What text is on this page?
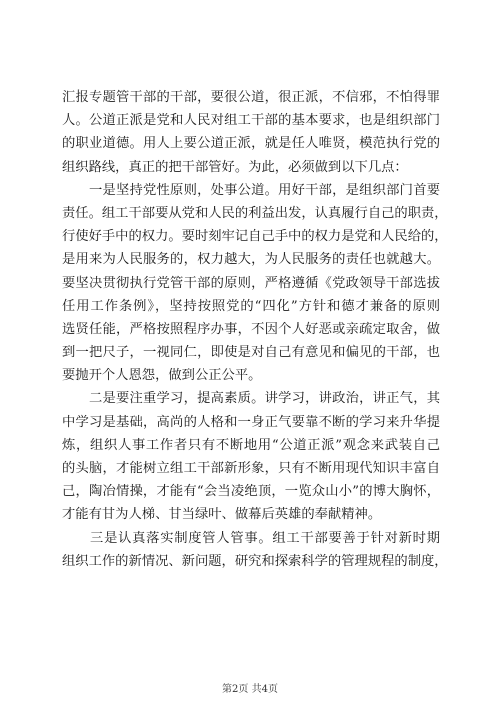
汇报专题管干部的干部，要很公道，很正派，不信邪，不怕得罪
人。公道正派是党和人民对组工干部的基本要求，也是组织部门
的职业道德。用人上要公道正派，就是任人唯贤，模范执行党的
组织路线，真正的把干部管好。为此，必须做到以下几点：
　　一是坚持党性原则，处事公道。用好干部，是组织部门首要
责任。组工干部要从党和人民的利益出发，认真履行自己的职责，
行使好手中的权力。要时刻牢记自己手中的权力是党和人民给的，
是用来为人民服务的，权力越大，为人民服务的责任也就越大。
要坚决贯彻执行党管干部的原则，严格遵循《党政领导干部选拔
任用工作条例》，坚持按照党的“四化”方针和德才兼备的原则
选贤任能，严格按照程序办事，不因个人好恶或亲疏定取舍，做
到一把尺子，一视同仁，即使是对自己有意见和偏见的干部，也
要抛开个人恩怨，做到公正公平。
　　二是要注重学习，提高素质。讲学习，讲政治，讲正气，其
中学习是基础，高尚的人格和一身正气要靠不断的学习来升华提
炼，组织人事工作者只有不断地用“公道正派”观念来武装自己
的头脑，才能树立组工干部新形象，只有不断用现代知识丰富自
己，陶冶情操，才能有“会当凌绝顶，一览众山小”的博大胸怀，
才能有甘为人梯、甘当绿叶、做幕后英雄的奉献精神。
　　三是认真落实制度管人管事。组工干部要善于针对新时期
组织工作的新情况、新问题，研究和探索科学的管理规程的制度，
第2页 共4页
